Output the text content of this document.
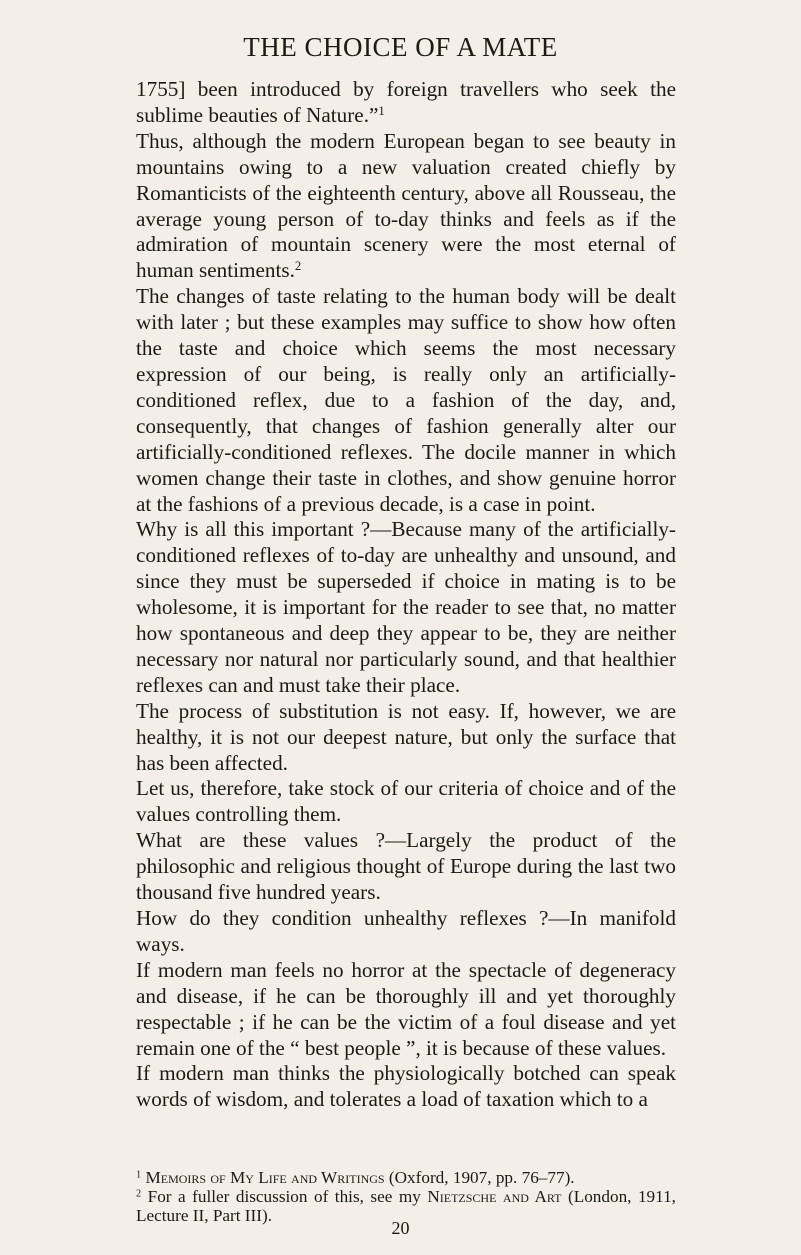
THE CHOICE OF A MATE

1755] been introduced by foreign travellers who seek the sublime beauties of Nature.”$^1$

Thus, although the modern European began to see beauty in mountains owing to a new valuation created chiefly by Romanticists of the eighteenth century, above all Rousseau, the average young person of to-day thinks and feels as if the admiration of mountain scenery were the most eternal of human sentiments.$^2$

The changes of taste relating to the human body will be dealt with later ; but these examples may suffice to show how often the taste and choice which seems the most necessary expression of our being, is really only an artificially-conditioned reflex, due to a fashion of the day, and, consequently, that changes of fashion generally alter our artificially-conditioned reflexes. The docile manner in which women change their taste in clothes, and show genuine horror at the fashions of a previous decade, is a case in point.

Why is all this important ?—Because many of the artificially-conditioned reflexes of to-day are unhealthy and unsound, and since they must be superseded if choice in mating is to be wholesome, it is important for the reader to see that, no matter how spontaneous and deep they appear to be, they are neither necessary nor natural nor particularly sound, and that healthier reflexes can and must take their place.

The process of substitution is not easy. If, however, we are healthy, it is not our deepest nature, but only the surface that has been affected.

Let us, therefore, take stock of our criteria of choice and of the values controlling them.

What are these values ?—Largely the product of the philosophic and religious thought of Europe during the last two thousand five hundred years.

How do they condition unhealthy reflexes ?—In manifold ways.

If modern man feels no horror at the spectacle of degeneracy and disease, if he can be thoroughly ill and yet thoroughly respectable ; if he can be the victim of a foul disease and yet remain one of the “ best people ”, it is because of these values.

If modern man thinks the physiologically botched can speak words of wisdom, and tolerates a load of taxation which to a

$^1$ Memoirs of My Life and Writings (Oxford, 1907, pp. 76–77).

$^2$ For a fuller discussion of this, see my Nietzsche and Art (London, 1911, Lecture II, Part III).

20
